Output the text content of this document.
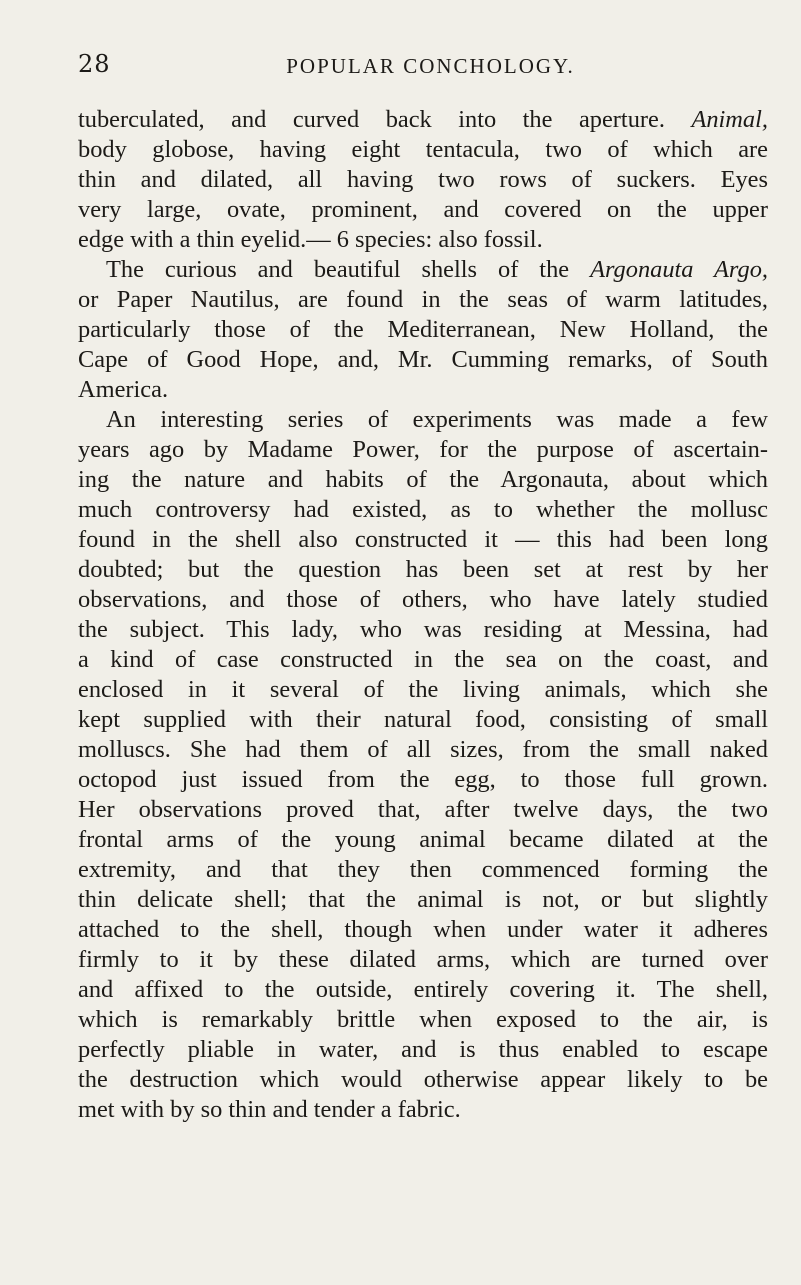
28	POPULAR CONCHOLOGY.
tuberculated, and curved back into the aperture. Animal,
body globose, having eight tentacula, two of which are
thin and dilated, all having two rows of suckers. Eyes
very large, ovate, prominent, and covered on the upper
edge with a thin eyelid.— 6 species: also fossil.
The curious and beautiful shells of the Argonauta Argo,
or Paper Nautilus, are found in the seas of warm latitudes,
particularly those of the Mediterranean, New Holland, the
Cape of Good Hope, and, Mr. Cumming remarks, of South
America.
An interesting series of experiments was made a few
years ago by Madame Power, for the purpose of ascertain-
ing the nature and habits of the Argonauta, about which
much controversy had existed, as to whether the mollusc
found in the shell also constructed it — this had been long
doubted; but the question has been set at rest by her
observations, and those of others, who have lately studied
the subject. This lady, who was residing at Messina, had
a kind of case constructed in the sea on the coast, and
enclosed in it several of the living animals, which she
kept supplied with their natural food, consisting of small
molluscs. She had them of all sizes, from the small naked
octopod just issued from the egg, to those full grown.
Her observations proved that, after twelve days, the two
frontal arms of the young animal became dilated at the
extremity, and that they then commenced forming the
thin delicate shell; that the animal is not, or but slightly
attached to the shell, though when under water it adheres
firmly to it by these dilated arms, which are turned over
and affixed to the outside, entirely covering it. The shell,
which is remarkably brittle when exposed to the air, is
perfectly pliable in water, and is thus enabled to escape
the destruction which would otherwise appear likely to be
met with by so thin and tender a fabric.
